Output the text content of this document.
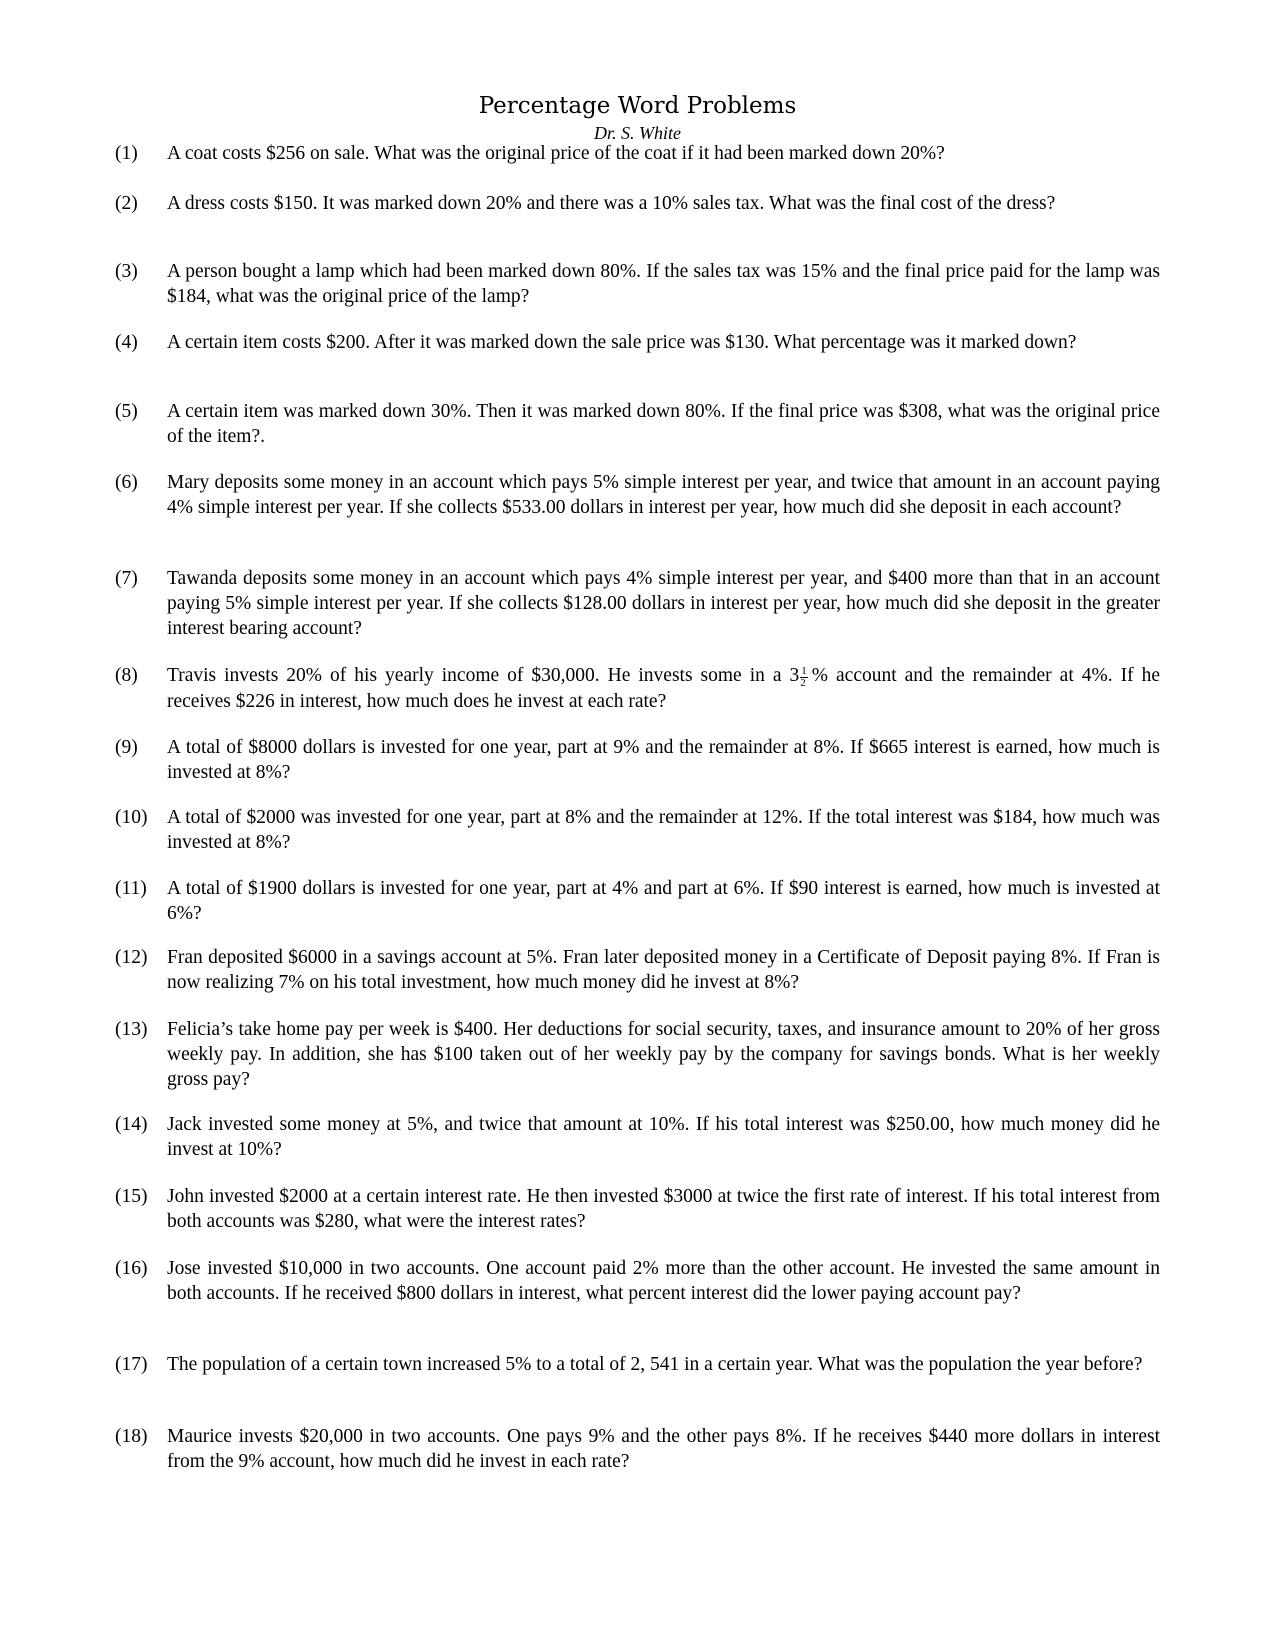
Percentage Word Problems
Dr. S. White
(1)	A coat costs $256 on sale. What was the original price of the coat if it had been marked down 20%?
(2)	A dress costs $150. It was marked down 20% and there was a 10% sales tax. What was the final cost of the dress?
(3)	A person bought a lamp which had been marked down 80%. If the sales tax was 15% and the final price paid for the lamp was $184, what was the original price of the lamp?
(4)	A certain item costs $200. After it was marked down the sale price was $130. What percentage was it marked down?
(5)	A certain item was marked down 30%. Then it was marked down 80%. If the final price was $308, what was the original price of the item?.
(6)	Mary deposits some money in an account which pays 5% simple interest per year, and twice that amount in an account paying 4% simple interest per year. If she collects $533.00 dollars in interest per year, how much did she deposit in each account?
(7)	Tawanda deposits some money in an account which pays 4% simple interest per year, and $400 more than that in an account paying 5% simple interest per year. If she collects $128.00 dollars in interest per year, how much did she deposit in the greater interest bearing account?
(8)	Travis invests 20% of his yearly income of $30,000. He invests some in a $3 \frac{1}{2}$ % account and the remainder at 4%. If he receives $226 in interest, how much does he invest at each rate?
(9)	A total of $8000 dollars is invested for one year, part at 9% and the remainder at 8%. If $665 interest is earned, how much is invested at 8%?
(10)	A total of $2000 was invested for one year, part at 8% and the remainder at 12%. If the total interest was $184, how much was invested at 8%?
(11)	A total of $1900 dollars is invested for one year, part at 4% and part at 6%. If $90 interest is earned, how much is invested at 6%?
(12)	Fran deposited $6000 in a savings account at 5%. Fran later deposited money in a Certificate of Deposit paying 8%. If Fran is now realizing 7% on his total investment, how much money did he invest at 8%?
(13)	Felicia’s take home pay per week is $400. Her deductions for social security, taxes, and insurance amount to 20% of her gross weekly pay. In addition, she has $100 taken out of her weekly pay by the company for savings bonds. What is her weekly gross pay?
(14)	Jack invested some money at 5%, and twice that amount at 10%. If his total interest was $250.00, how much money did he invest at 10%?
(15)	John invested $2000 at a certain interest rate. He then invested $3000 at twice the first rate of interest. If his total interest from both accounts was $280, what were the interest rates?
(16)	Jose invested $10,000 in two accounts. One account paid 2% more than the other account. He invested the same amount in both accounts. If he received $800 dollars in interest, what percent interest did the lower paying account pay?
(17)	The population of a certain town increased 5% to a total of 2, 541 in a certain year. What was the population the year before?
(18)	Maurice invests $20,000 in two accounts. One pays 9% and the other pays 8%. If he receives $440 more dollars in interest from the 9% account, how much did he invest in each rate?
